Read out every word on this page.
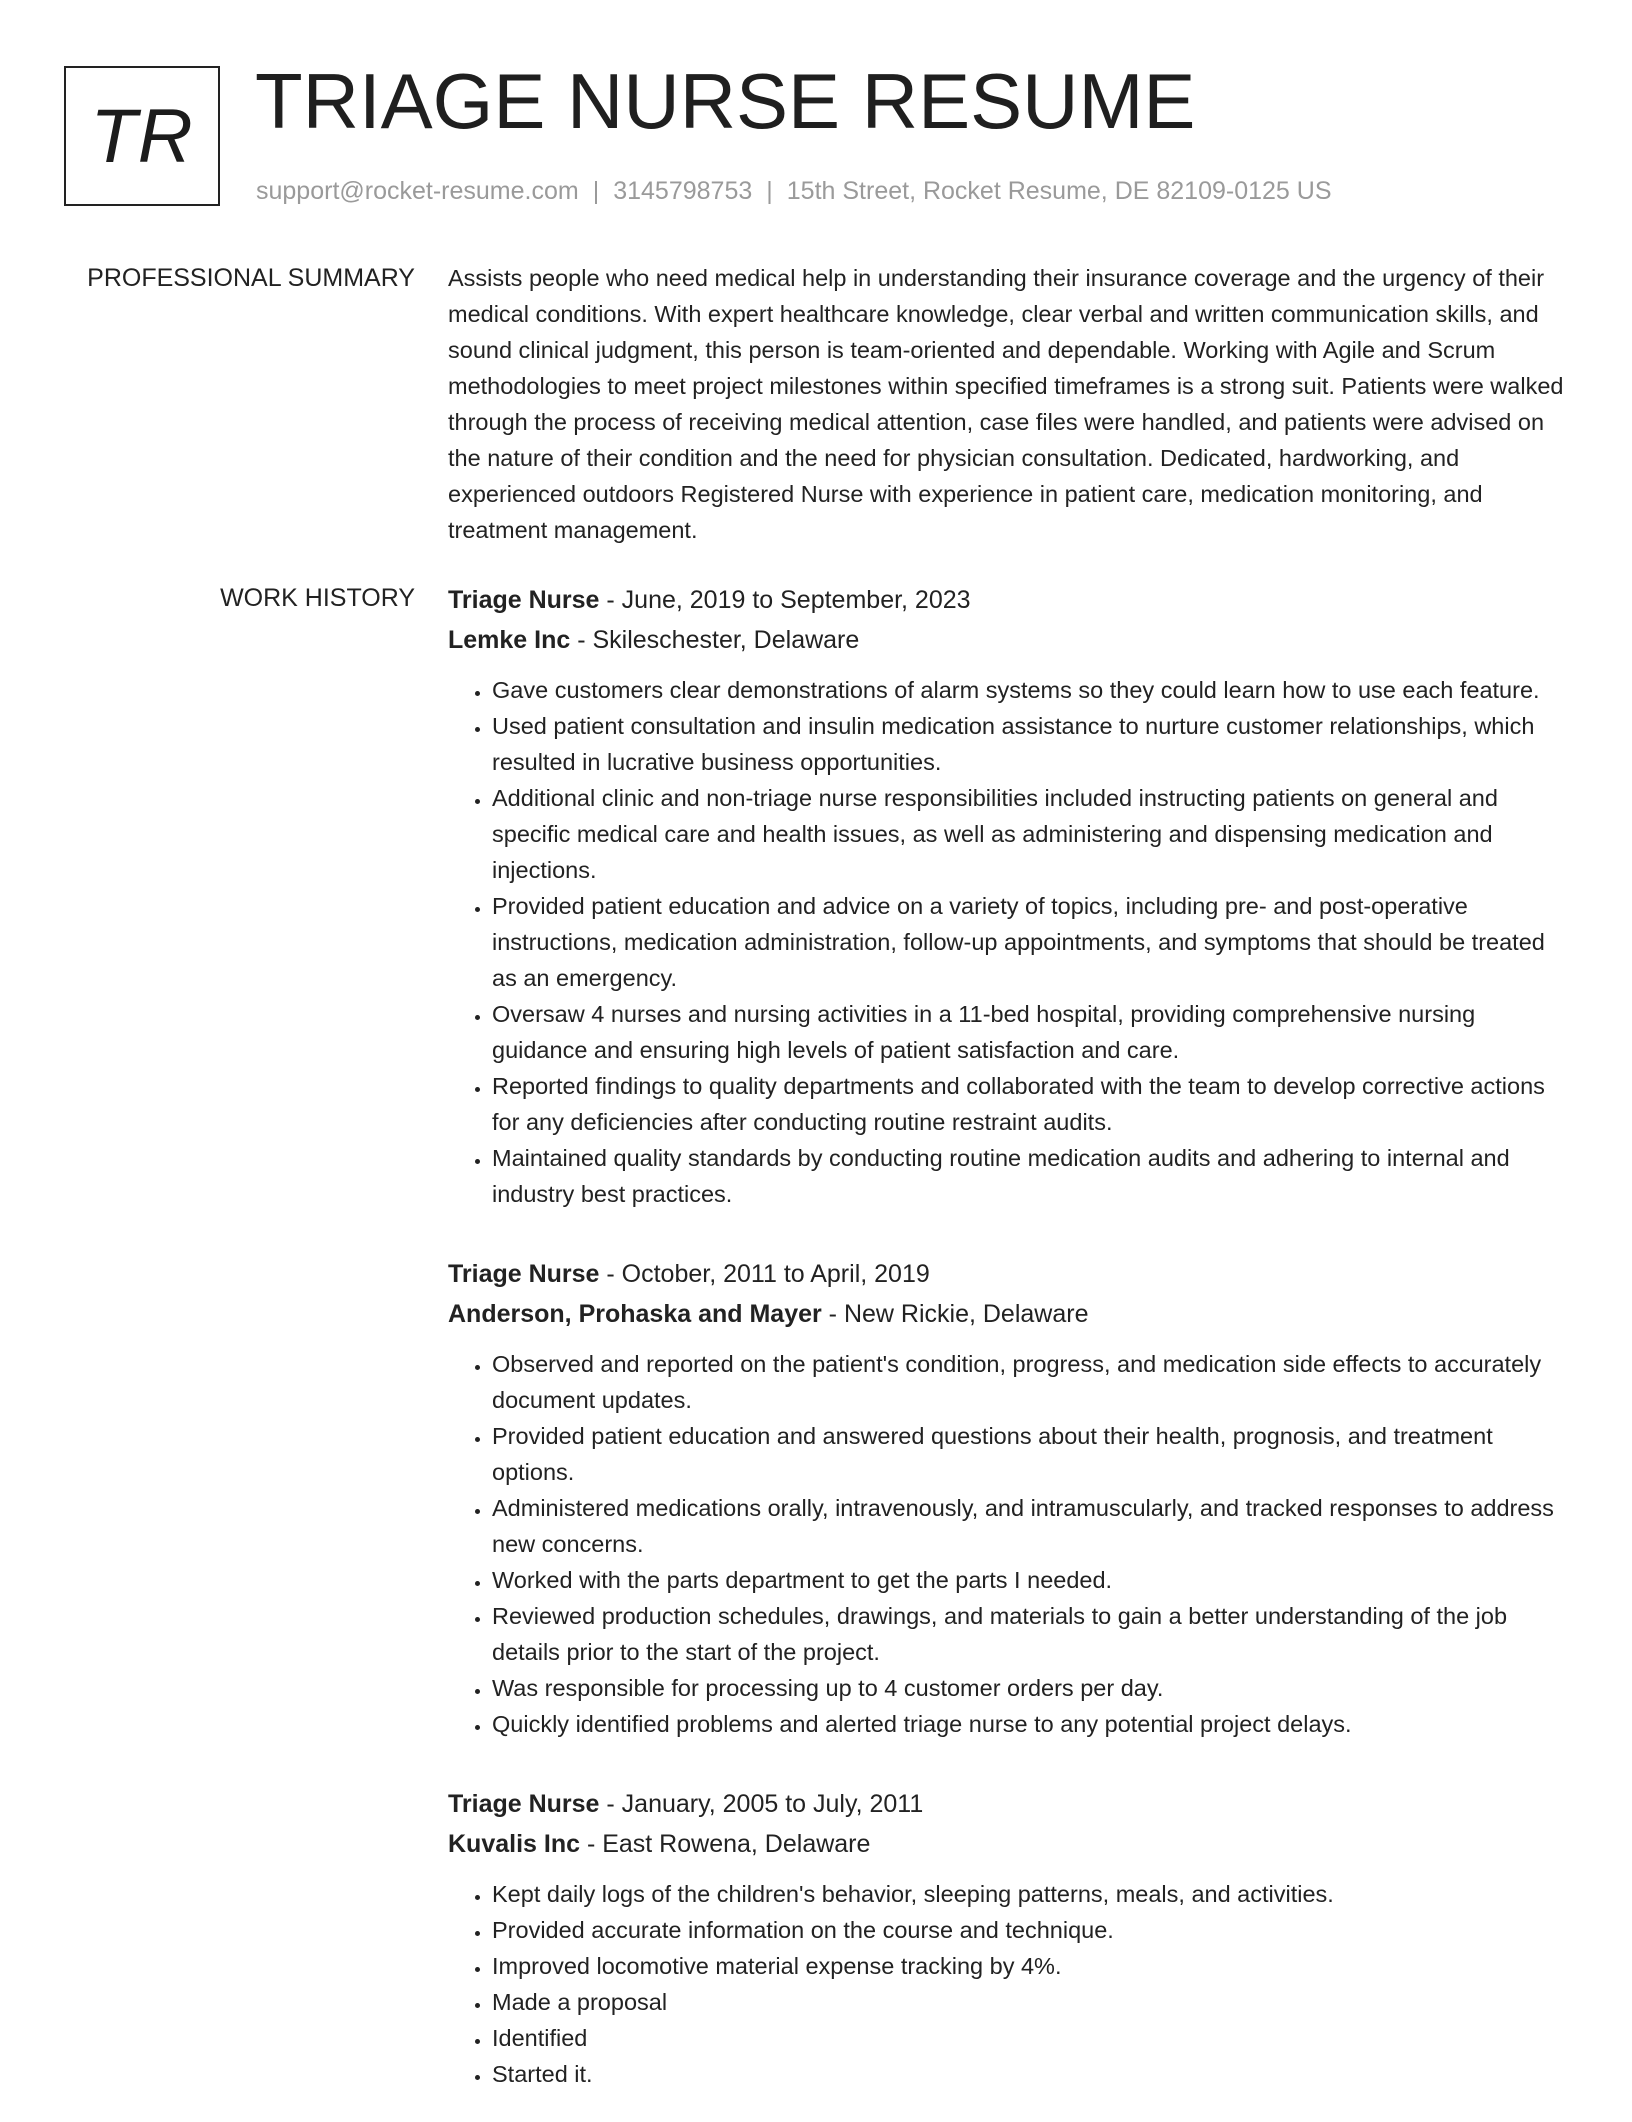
TR TRIAGE NURSE RESUME
support@rocket-resume.com | 3145798753 | 15th Street, Rocket Resume, DE 82109-0125 US
PROFESSIONAL SUMMARY Assists people who need medical help in understanding their insurance coverage and the urgency of their medical conditions. With expert healthcare knowledge, clear verbal and written communication skills, and sound clinical judgment, this person is team-oriented and dependable. Working with Agile and Scrum methodologies to meet project milestones within specified timeframes is a strong suit. Patients were walked through the process of receiving medical attention, case files were handled, and patients were advised on the nature of their condition and the need for physician consultation. Dedicated, hardworking, and experienced outdoors Registered Nurse with experience in patient care, medication monitoring, and treatment management.

WORK HISTORY Triage Nurse - June, 2019 to September, 2023

Lemke Inc - Skileschester, Delaware

• Gave customers clear demonstrations of alarm systems so they could learn how to use each feature.
• Used patient consultation and insulin medication assistance to nurture customer relationships, which resulted in lucrative business opportunities.
• Additional clinic and non-triage nurse responsibilities included instructing patients on general and specific medical care and health issues, as well as administering and dispensing medication and injections.
• Provided patient education and advice on a variety of topics, including pre- and post-operative instructions, medication administration, follow-up appointments, and symptoms that should be treated as an emergency.
• Oversaw 4 nurses and nursing activities in a 11-bed hospital, providing comprehensive nursing guidance and ensuring high levels of patient satisfaction and care.
• Reported findings to quality departments and collaborated with the team to develop corrective actions for any deficiencies after conducting routine restraint audits.
• Maintained quality standards by conducting routine medication audits and adhering to internal and industry best practices.

Triage Nurse - October, 2011 to April, 2019

Anderson, Prohaska and Mayer - New Rickie, Delaware

• Observed and reported on the patient's condition, progress, and medication side effects to accurately document updates.
• Provided patient education and answered questions about their health, prognosis, and treatment options.
• Administered medications orally, intravenously, and intramuscularly, and tracked responses to address new concerns.
• Worked with the parts department to get the parts I needed.
• Reviewed production schedules, drawings, and materials to gain a better understanding of the job details prior to the start of the project.
• Was responsible for processing up to 4 customer orders per day.
• Quickly identified problems and alerted triage nurse to any potential project delays.

Triage Nurse - January, 2005 to July, 2011

Kuvalis Inc - East Rowena, Delaware

• Kept daily logs of the children's behavior, sleeping patterns, meals, and activities.
• Provided accurate information on the course and technique.
• Improved locomotive material expense tracking by 4%.
• Made a proposal
• Identified
• Started it.
